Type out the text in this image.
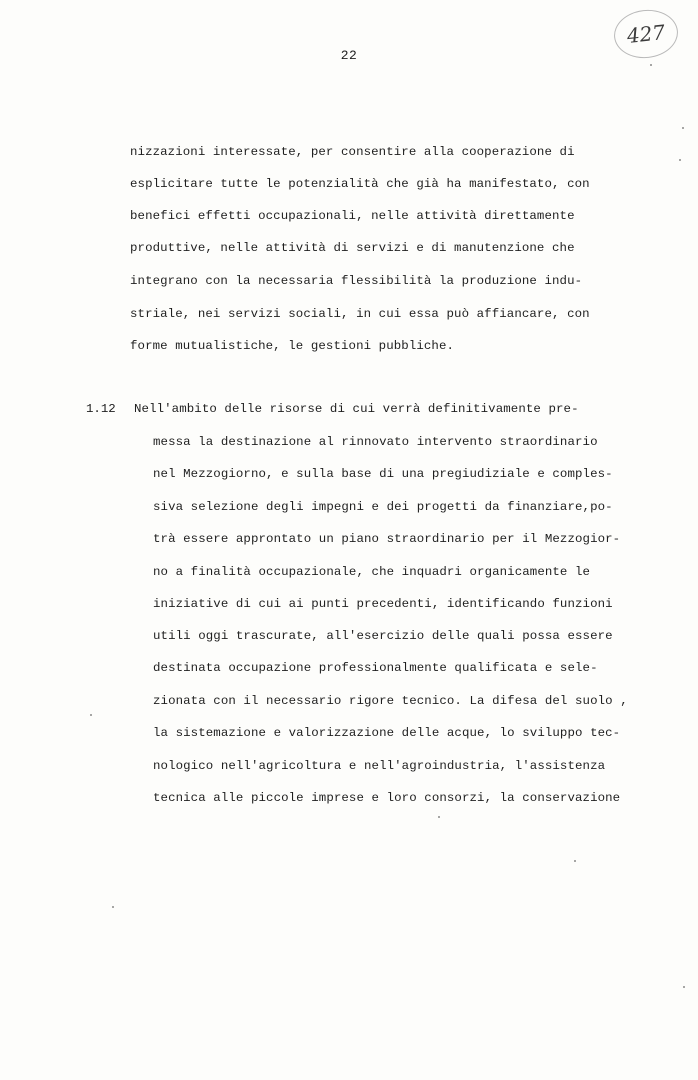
22
427
nizzazioni interessate, per consentire alla cooperazione di
esplicitare tutte le potenzialità che già ha manifestato, con
benefici effetti occupazionali, nelle attività direttamente
produttive, nelle attività di servizi e di manutenzione che
integrano con la necessaria flessibilità la produzione indu-
striale, nei servizi sociali, in cui essa può affiancare, con
forme mutualistiche, le gestioni pubbliche.
1.12 Nell'ambito delle risorse di cui verrà definitivamente pre-
messa la destinazione al rinnovato intervento straordinario
nel Mezzogiorno, e sulla base di una pregiudiziale e comples-
siva selezione degli impegni e dei progetti da finanziare,po-
trà essere approntato un piano straordinario per il Mezzogior-
no a finalità occupazionale, che inquadri organicamente le
iniziative di cui ai punti precedenti, identificando funzioni
utili oggi trascurate, all'esercizio delle quali possa essere
destinata occupazione professionalmente qualificata e sele-
zionata con il necessario rigore tecnico. La difesa del suolo ,
la sistemazione e valorizzazione delle acque, lo sviluppo tec-
nologico nell'agricoltura e nell'agroindustria, l'assistenza
tecnica alle piccole imprese e loro consorzi, la conservazione
